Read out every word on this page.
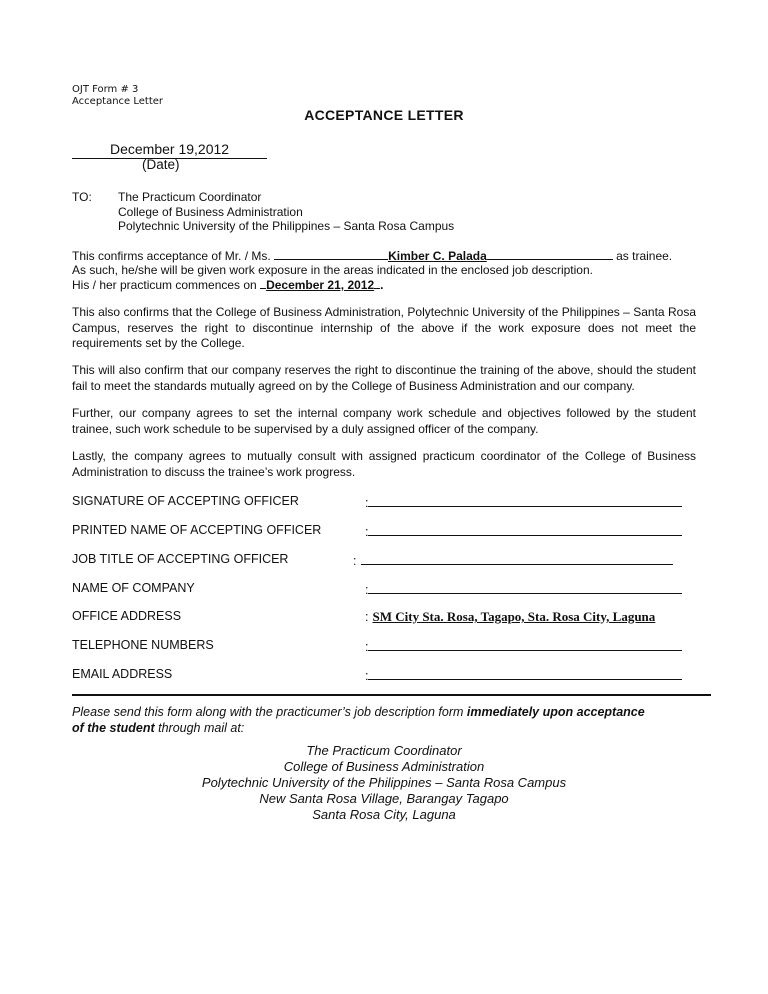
OJT Form # 3
Acceptance Letter
ACCEPTANCE LETTER
December 19,2012
(Date)
TO: The Practicum Coordinator
College of Business Administration
Polytechnic University of the Philippines – Santa Rosa Campus
This confirms acceptance of Mr. / Ms.	Kimber C. Palada	as trainee.
As such, he/she will be given work exposure in the areas indicated in the enclosed job description.
His / her practicum commences on December 21, 2012 .
This also confirms that the College of Business Administration, Polytechnic University of the Philippines – Santa Rosa Campus, reserves the right to discontinue internship of the above if the work exposure does not meet the requirements set by the College.
This will also confirm that our company reserves the right to discontinue the training of the above, should the student fail to meet the standards mutually agreed on by the College of Business Administration and our company.
Further, our company agrees to set the internal company work schedule and objectives followed by the student trainee, such work schedule to be supervised by a duly assigned officer of the company.
Lastly, the company agrees to mutually consult with assigned practicum coordinator of the College of Business Administration to discuss the trainee’s work progress.
SIGNATURE OF ACCEPTING OFFICER	:
PRINTED NAME OF ACCEPTING OFFICER	:
JOB TITLE OF ACCEPTING OFFICER	:
NAME OF COMPANY	:
OFFICE ADDRESS	: SM City Sta. Rosa, Tagapo, Sta. Rosa City, Laguna
TELEPHONE NUMBERS	:
EMAIL ADDRESS	:
Please send this form along with the practicumer’s job description form immediately upon acceptance of the student through mail at:
The Practicum Coordinator
College of Business Administration
Polytechnic University of the Philippines – Santa Rosa Campus
New Santa Rosa Village, Barangay Tagapo
Santa Rosa City, Laguna
